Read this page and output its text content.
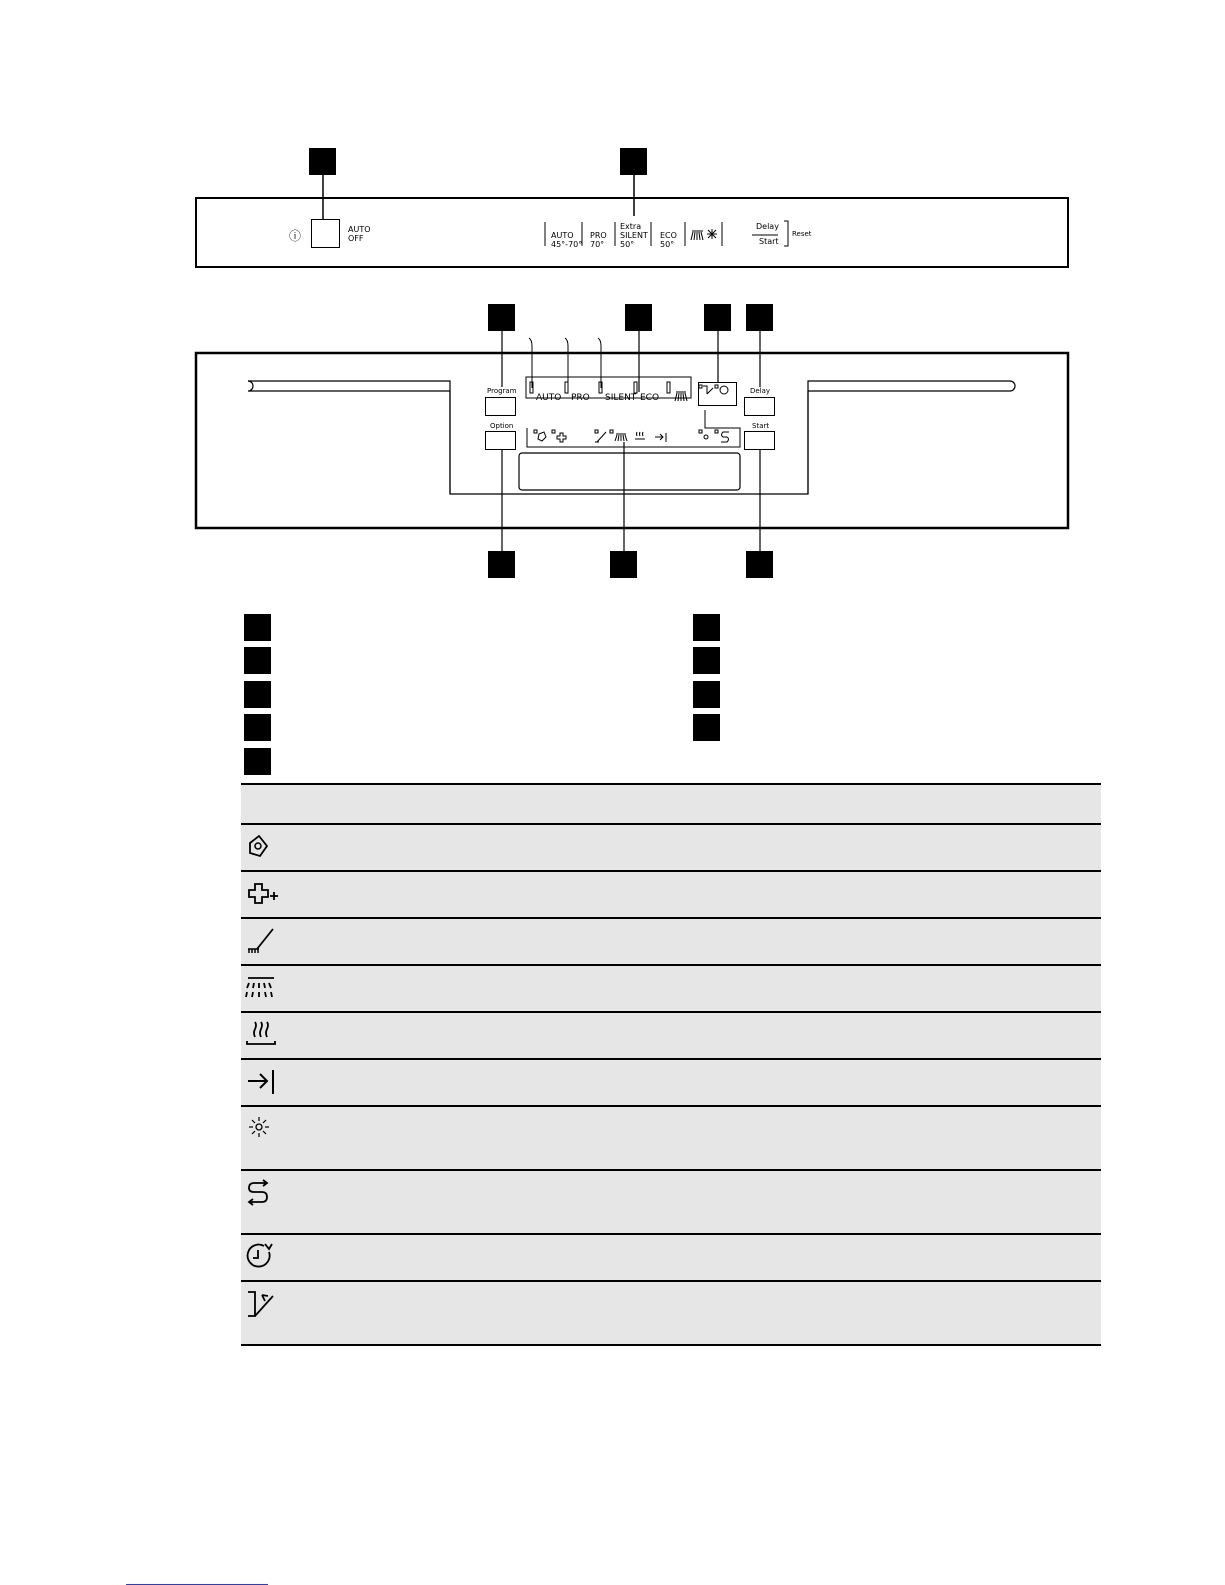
ⓘ	AUTO
OFF	AUTO
45°-70°
PRO
70°
Extra
SILENT
50°
ECO
50°
Delay
Start
Reset
AUTO PRO SILENT ECO
Program
Option
Delay
Start
